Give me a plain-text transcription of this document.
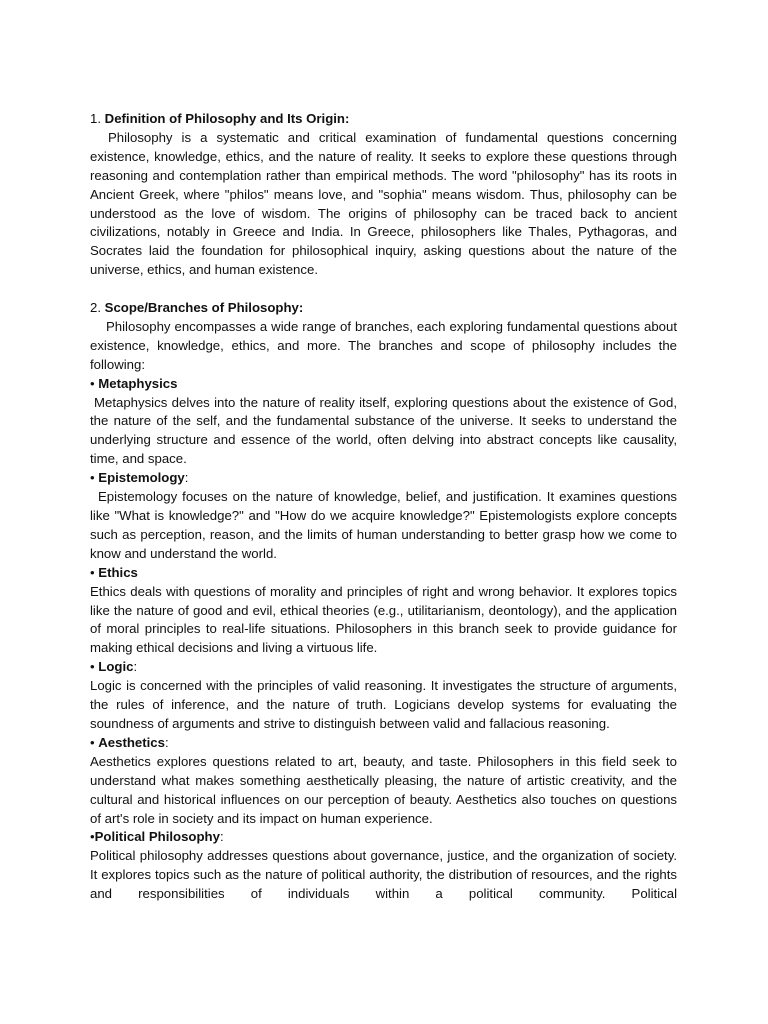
1. Definition of Philosophy and Its Origin:

Philosophy is a systematic and critical examination of fundamental questions concerning existence, knowledge, ethics, and the nature of reality. It seeks to explore these questions through reasoning and contemplation rather than empirical methods. The word "philosophy" has its roots in Ancient Greek, where "philos" means love, and "sophia" means wisdom. Thus, philosophy can be understood as the love of wisdom. The origins of philosophy can be traced back to ancient civilizations, notably in Greece and India. In Greece, philosophers like Thales, Pythagoras, and Socrates laid the foundation for philosophical inquiry, asking questions about the nature of the universe, ethics, and human existence.

2. Scope/Branches of Philosophy:

Philosophy encompasses a wide range of branches, each exploring fundamental questions about existence, knowledge, ethics, and more. The branches and scope of philosophy includes the following:

• Metaphysics

Metaphysics delves into the nature of reality itself, exploring questions about the existence of God, the nature of the self, and the fundamental substance of the universe. It seeks to understand the underlying structure and essence of the world, often delving into abstract concepts like causality, time, and space.

• Epistemology:

Epistemology focuses on the nature of knowledge, belief, and justification. It examines questions like "What is knowledge?" and "How do we acquire knowledge?" Epistemologists explore concepts such as perception, reason, and the limits of human understanding to better grasp how we come to know and understand the world.

• Ethics

Ethics deals with questions of morality and principles of right and wrong behavior. It explores topics like the nature of good and evil, ethical theories (e.g., utilitarianism, deontology), and the application of moral principles to real-life situations. Philosophers in this branch seek to provide guidance for making ethical decisions and living a virtuous life.

• Logic:

Logic is concerned with the principles of valid reasoning. It investigates the structure of arguments, the rules of inference, and the nature of truth. Logicians develop systems for evaluating the soundness of arguments and strive to distinguish between valid and fallacious reasoning.

• Aesthetics:

Aesthetics explores questions related to art, beauty, and taste. Philosophers in this field seek to understand what makes something aesthetically pleasing, the nature of artistic creativity, and the cultural and historical influences on our perception of beauty. Aesthetics also touches on questions of art's role in society and its impact on human experience.

•Political Philosophy:

Political philosophy addresses questions about governance, justice, and the organization of society. It explores topics such as the nature of political authority, the distribution of resources, and the rights and responsibilities of individuals within a political community. Political
